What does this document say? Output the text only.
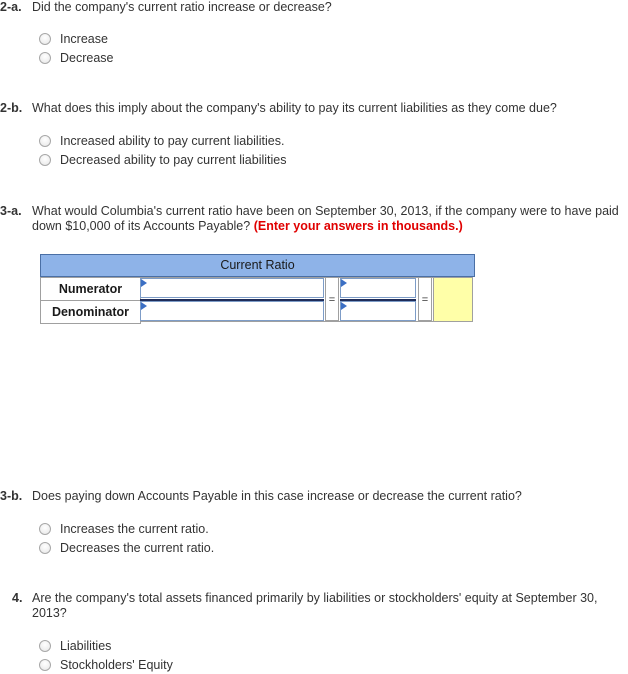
2-a. Did the company's current ratio increase or decrease?
Increase
Decrease
2-b. What does this imply about the company's ability to pay its current liabilities as they come due?
Increased ability to pay current liabilities.
Decreased ability to pay current liabilities
3-a. What would Columbia's current ratio have been on September 30, 2013, if the company were to have paid down $10,000 of its Accounts Payable? (Enter your answers in thousands.)
Current Ratio
Numerator
Denominator
=	=
3-b. Does paying down Accounts Payable in this case increase or decrease the current ratio?
Increases the current ratio.
Decreases the current ratio.
4. Are the company's total assets financed primarily by liabilities or stockholders' equity at September 30, 2013?
Liabilities
Stockholders' Equity
